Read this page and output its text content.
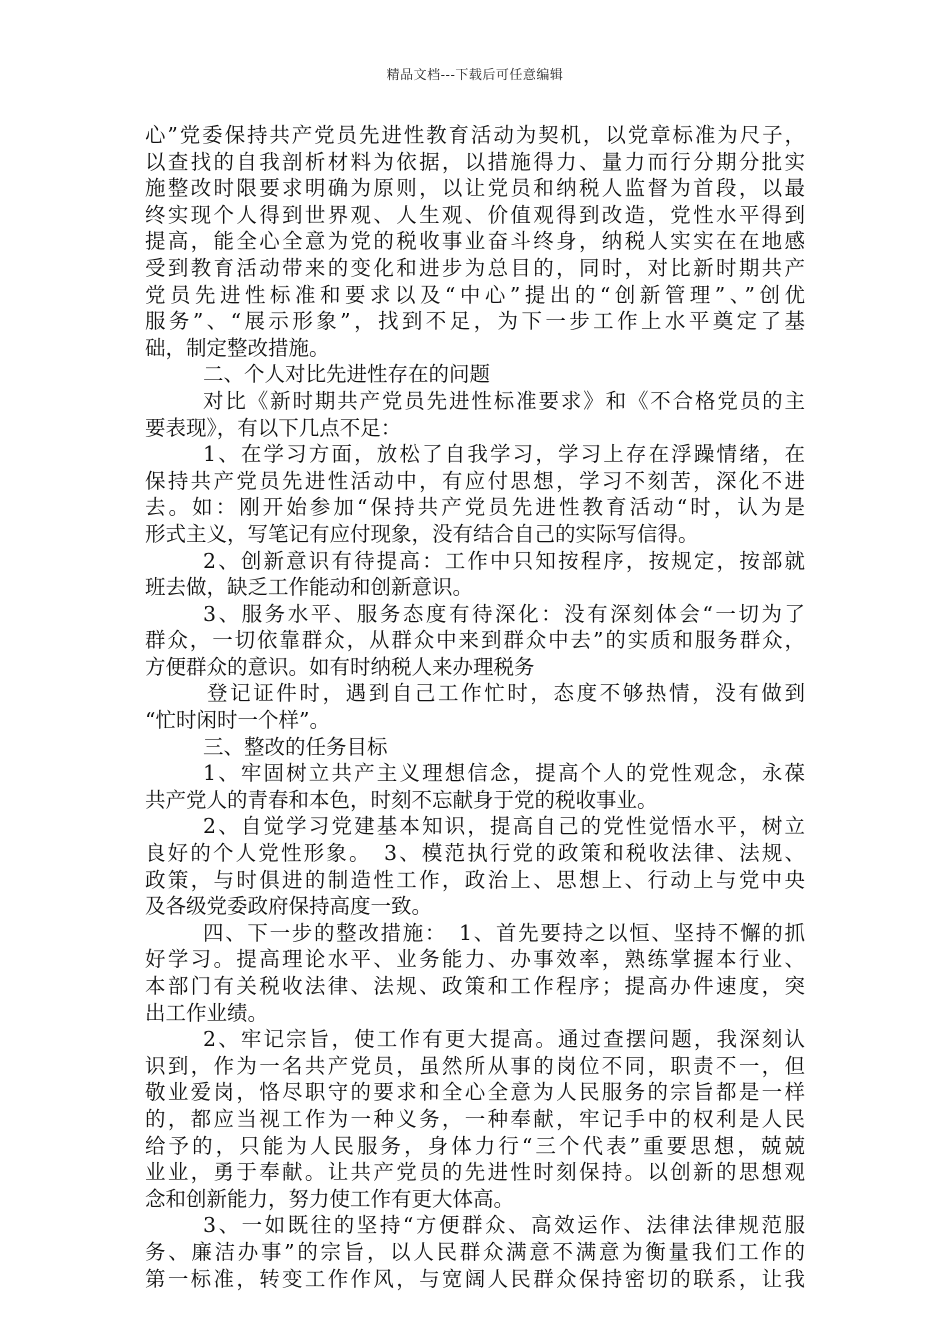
精品文档---下载后可任意编辑
心”党委保持共产党员先进性教育活动为契机，以党章标准为尺子，
以查找的自我剖析材料为依据，以措施得力、量力而行分期分批实
施整改时限要求明确为原则，以让党员和纳税人监督为首段，以最
终实现个人得到世界观、人生观、价值观得到改造，党性水平得到
提高，能全心全意为党的税收事业奋斗终身，纳税人实实在在地感
受到教育活动带来的变化和进步为总目的，同时，对比新时期共产
党员先进性标准和要求以及“中心”提出的“创新管理”、”创优
服务”、“展示形象”，找到不足，为下一步工作上水平奠定了基
础，制定整改措施。
二、个人对比先进性存在的问题
对比《新时期共产党员先进性标准要求》和《不合格党员的主
要表现》，有以下几点不足：
1、在学习方面，放松了自我学习，学习上存在浮躁情绪，在
保持共产党员先进性活动中，有应付思想，学习不刻苦，深化不进
去。如：刚开始参加“保持共产党员先进性教育活动“时，认为是
形式主义，写笔记有应付现象，没有结合自己的实际写信得。
2、创新意识有待提高：工作中只知按程序，按规定，按部就
班去做，缺乏工作能动和创新意识。
3、服务水平、服务态度有待深化：没有深刻体会“一切为了
群众，一切依靠群众，从群众中来到群众中去”的实质和服务群众，
方便群众的意识。如有时纳税人来办理税务
登记证件时，遇到自己工作忙时，态度不够热情，没有做到
“忙时闲时一个样”。
三、整改的任务目标
1、牢固树立共产主义理想信念，提高个人的党性观念，永葆
共产党人的青春和本色，时刻不忘献身于党的税收事业。
2、自觉学习党建基本知识，提高自己的党性觉悟水平，树立
良好的个人党性形象。　3、模范执行党的政策和税收法律、法规、
政策，与时俱进的制造性工作，政治上、思想上、行动上与党中央
及各级党委政府保持高度一致。
四、下一步的整改措施：　1、首先要持之以恒、坚持不懈的抓
好学习。提高理论水平、业务能力、办事效率，熟练掌握本行业、
本部门有关税收法律、法规、政策和工作程序；提高办件速度，突
出工作业绩。
2、牢记宗旨，使工作有更大提高。通过查摆问题，我深刻认
识到，作为一名共产党员，虽然所从事的岗位不同，职责不一，但
敬业爱岗，恪尽职守的要求和全心全意为人民服务的宗旨都是一样
的，都应当视工作为一种义务，一种奉献，牢记手中的权利是人民
给予的，只能为人民服务，身体力行“三个代表”重要思想，兢兢
业业，勇于奉献。让共产党员的先进性时刻保持。以创新的思想观
念和创新能力，努力使工作有更大体高。
3、一如既往的坚持“方便群众、高效运作、法律法律规范服
务、廉洁办事”的宗旨，以人民群众满意不满意为衡量我们工作的
第一标准，转变工作作风，与宽阔人民群众保持密切的联系，让我
